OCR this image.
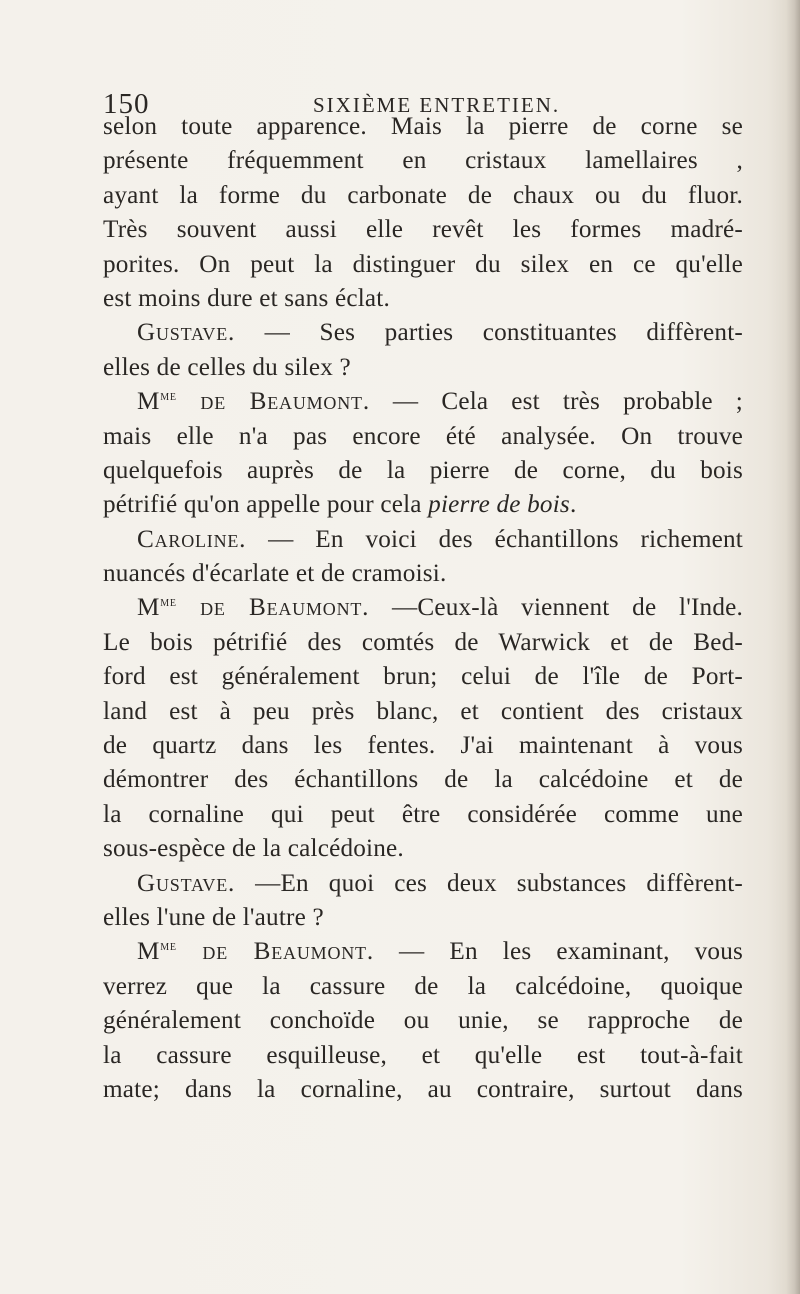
150	SIXIÈME ENTRETIEN.
selon toute apparence. Mais la pierre de corne se
présente fréquemment en cristaux lamellaires ,
ayant la forme du carbonate de chaux ou du fluor.
Très souvent aussi elle revêt les formes madré-
porites. On peut la distinguer du silex en ce qu'elle
est moins dure et sans éclat.
Gustave. — Ses parties constituantes diffèrent-
elles de celles du silex ?
$M^{me}$ de Beaumont. — Cela est très probable ;
mais elle n'a pas encore été analysée. On trouve
quelquefois auprès de la pierre de corne, du bois
pétrifié qu'on appelle pour cela pierre de bois.
Caroline. — En voici des échantillons richement
nuancés d'écarlate et de cramoisi.
$M^{me}$ de Beaumont. —Ceux-là viennent de l'Inde.
Le bois pétrifié des comtés de Warwick et de Bed-
ford est généralement brun; celui de l'île de Port-
land est à peu près blanc, et contient des cristaux
de quartz dans les fentes. J'ai maintenant à vous
démontrer des échantillons de la calcédoine et de
la cornaline qui peut être considérée comme une
sous-espèce de la calcédoine.
Gustave. —En quoi ces deux substances diffèrent-
elles l'une de l'autre ?
$M^{me}$ de Beaumont. — En les examinant, vous
verrez que la cassure de la calcédoine, quoique
généralement conchoïde ou unie, se rapproche de
la cassure esquilleuse, et qu'elle est tout-à-fait
mate; dans la cornaline, au contraire, surtout dans
